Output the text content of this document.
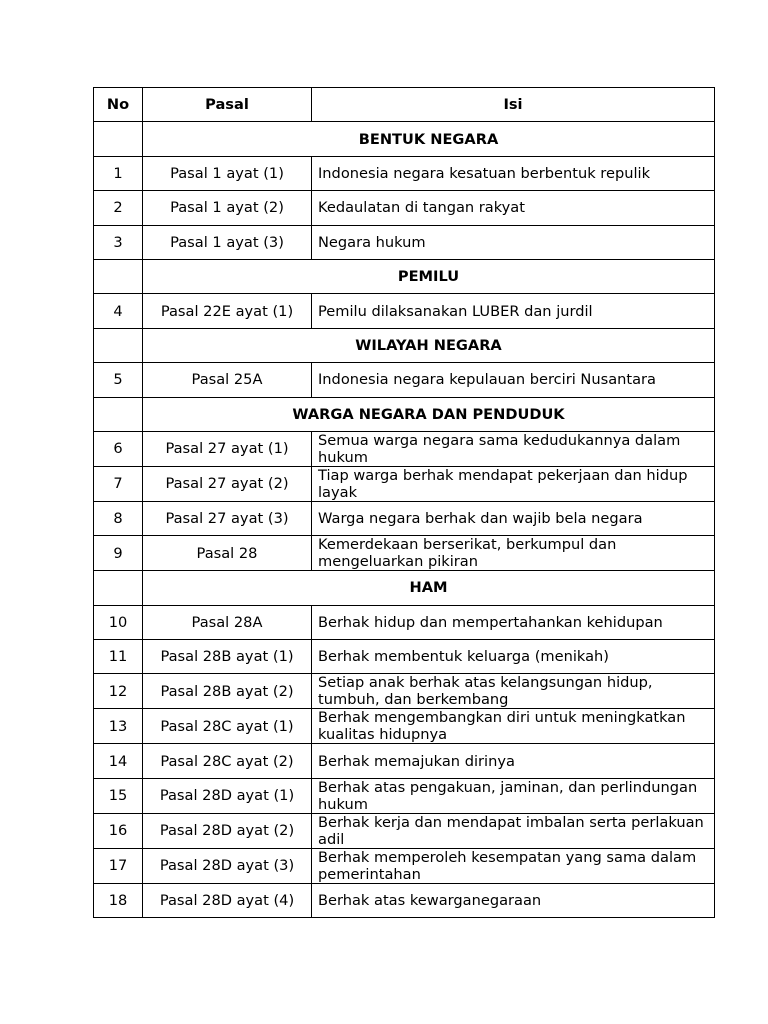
No	Pasal	Isi
	BENTUK NEGARA	
1	Pasal 1 ayat (1)	Indonesia negara kesatuan berbentuk repulik
2	Pasal 1 ayat (2)	Kedaulatan di tangan rakyat
3	Pasal 1 ayat (3)	Negara hukum
	PEMILU	
4	Pasal 22E ayat (1)	Pemilu dilaksanakan LUBER dan jurdil
	WILAYAH NEGARA	
5	Pasal 25A	Indonesia negara kepulauan berciri Nusantara
	WARGA NEGARA DAN PENDUDUK	
6	Pasal 27 ayat (1)	Semua warga negara sama kedudukannya dalam hukum
7	Pasal 27 ayat (2)	Tiap warga berhak mendapat pekerjaan dan hidup layak
8	Pasal 27 ayat (3)	Warga negara berhak dan wajib bela negara
9	Pasal 28	Kemerdekaan berserikat, berkumpul dan mengeluarkan pikiran
	HAM	
10	Pasal 28A	Berhak hidup dan mempertahankan kehidupan
11	Pasal 28B ayat (1)	Berhak membentuk keluarga (menikah)
12	Pasal 28B ayat (2)	Setiap anak berhak atas kelangsungan hidup, tumbuh, dan berkembang
13	Pasal 28C ayat (1)	Berhak mengembangkan diri untuk meningkatkan kualitas hidupnya
14	Pasal 28C ayat (2)	Berhak memajukan dirinya
15	Pasal 28D ayat (1)	Berhak atas pengakuan, jaminan, dan perlindungan hukum
16	Pasal 28D ayat (2)	Berhak kerja dan mendapat imbalan serta perlakuan adil
17	Pasal 28D ayat (3)	Berhak memperoleh kesempatan yang sama dalam pemerintahan
18	Pasal 28D ayat (4)	Berhak atas kewarganegaraan
